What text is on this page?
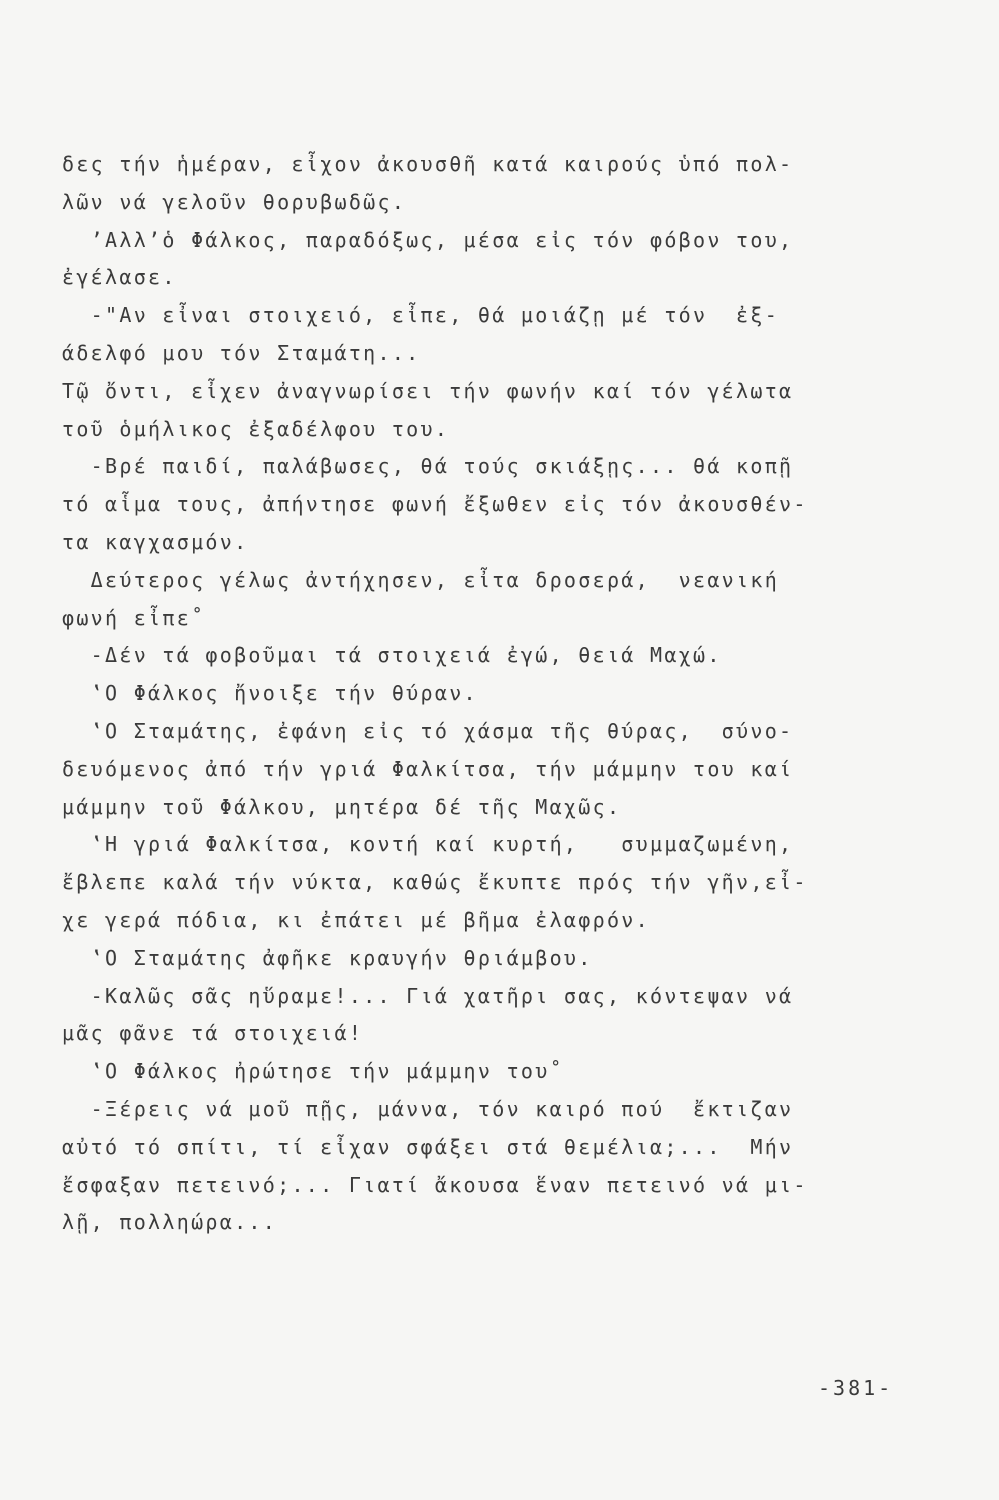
δες τήν ἡμέραν, εἶχον ἀκουσθῆ κατά καιρούς ὑπό πολ-
λῶν νά γελοῦν θορυβωδῶς.
’Αλλ’ὁ Φάλκος, παραδόξως, μέσα εἰς τόν φόβον του,
ἐγέλασε.
-"Αν εἶναι στοιχειό, εἶπε, θά μοιάζῃ μέ τόν  ἐξ-
άδελφό μου τόν Σταμάτη...
Τῷ ὄντι, εἶχεν ἀναγνωρίσει τήν φωνήν καί τόν γέλωτα
τοῦ ὁμήλικος ἐξαδέλφου του.
-Βρέ παιδί, παλάβωσες, θά τούς σκιάξῃς... θά κοπῇ
τό αἷμα τους, ἀπήντησε φωνή ἔξωθεν εἰς τόν ἀκουσθέν-
τα καγχασμόν.
Δεύτερος γέλως ἀντήχησεν, εἶτα δροσερά,  νεανική
φωνή εἶπε˚
-Δέν τά φοβοῦμαι τά στοιχειά ἐγώ, θειά Μαχώ.
‛Ο Φάλκος ἤνοιξε τήν θύραν.
‛Ο Σταμάτης, ἐφάνη εἰς τό χάσμα τῆς θύρας,  σύνο-
δευόμενος ἀπό τήν γριά Φαλκίτσα, τήν μάμμην του καί
μάμμην τοῦ Φάλκου, μητέρα δέ τῆς Μαχῶς.
‛Η γριά Φαλκίτσα, κοντή καί κυρτή,   συμμαζωμένη,
ἔβλεπε καλά τήν νύκτα, καθώς ἔκυπτε πρός τήν γῆν,εἶ-
χε γερά πόδια, κι ἐπάτει μέ βῆμα ἐλαφρόν.
‛Ο Σταμάτης ἀφῆκε κραυγήν θριάμβου.
-Καλῶς σᾶς ηὕραμε!... Γιά χατῆρι σας, κόντεψαν νά
μᾶς φᾶνε τά στοιχειά!
‛Ο Φάλκος ἠρώτησε τήν μάμμην του˚
-Ξέρεις νά μοῦ πῇς, μάννα, τόν καιρό πού  ἔκτιζαν
αὐτό τό σπίτι, τί εἶχαν σφάξει στά θεμέλια;...  Μήν
ἔσφαξαν πετεινό;... Γιατί ἄκουσα ἕναν πετεινό νά μι-
λῇ, πολληώρα...
-381-
